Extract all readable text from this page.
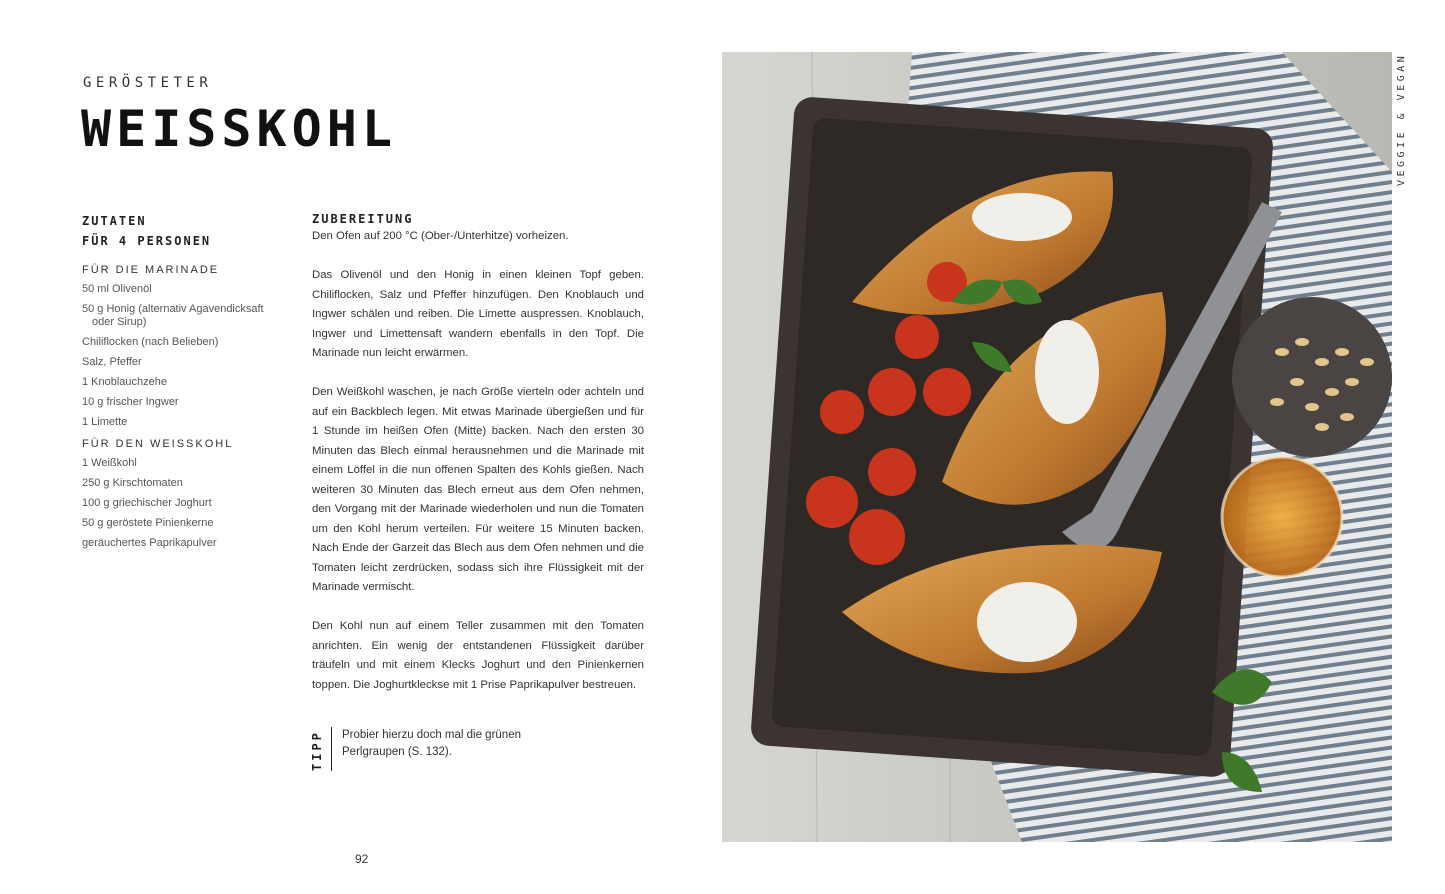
GERÖSTETER
WEISSKOHL
ZUTATEN
FÜR 4 PERSONEN
FÜR DIE MARINADE
50 ml Olivenöl
50 g Honig (alternativ Agavendicksaft oder Sirup)
Chiliflocken (nach Belieben)
Salz, Pfeffer
1 Knoblauchzehe
10 g frischer Ingwer
1 Limette
FÜR DEN WEISSKOHL
1 Weißkohl
250 g Kirschtomaten
100 g griechischer Joghurt
50 g geröstete Pinienkerne
geräuchertes Paprikapulver
ZUBEREITUNG

Den Ofen auf 200 °C (Ober-/Unterhitze) vorheizen.

Das Olivenöl und den Honig in einen kleinen Topf geben. Chiliflocken, Salz und Pfeffer hinzufügen. Den Knoblauch und Ingwer schälen und reiben. Die Limette auspressen. Knoblauch, Ingwer und Limettensaft wandern ebenfalls in den Topf. Die Marinade nun leicht erwärmen.

Den Weißkohl waschen, je nach Größe vierteln oder achteln und auf ein Backblech legen. Mit etwas Marinade übergießen und für 1 Stunde im heißen Ofen (Mitte) backen. Nach den ersten 30 Minuten das Blech einmal herausnehmen und die Marinade mit einem Löffel in die nun offenen Spalten des Kohls gießen. Nach weiteren 30 Minuten das Blech erneut aus dem Ofen nehmen, den Vorgang mit der Marinade wiederholen und nun die Tomaten um den Kohl herum verteilen. Für weitere 15 Minuten backen. Nach Ende der Garzeit das Blech aus dem Ofen nehmen und die Tomaten leicht zerdrücken, sodass sich ihre Flüssigkeit mit der Marinade vermischt.

Den Kohl nun auf einem Teller zusammen mit den Tomaten anrichten. Ein wenig der entstandenen Flüssigkeit darüber träufeln und mit einem Klecks Joghurt und den Pinienkernen toppen. Die Joghurtkleckse mit 1 Prise Paprikapulver bestreuen.

TIPP	Probier hierzu doch mal die grünen Perlgraupen (S. 132).
92
VEGGIE & VEGAN
